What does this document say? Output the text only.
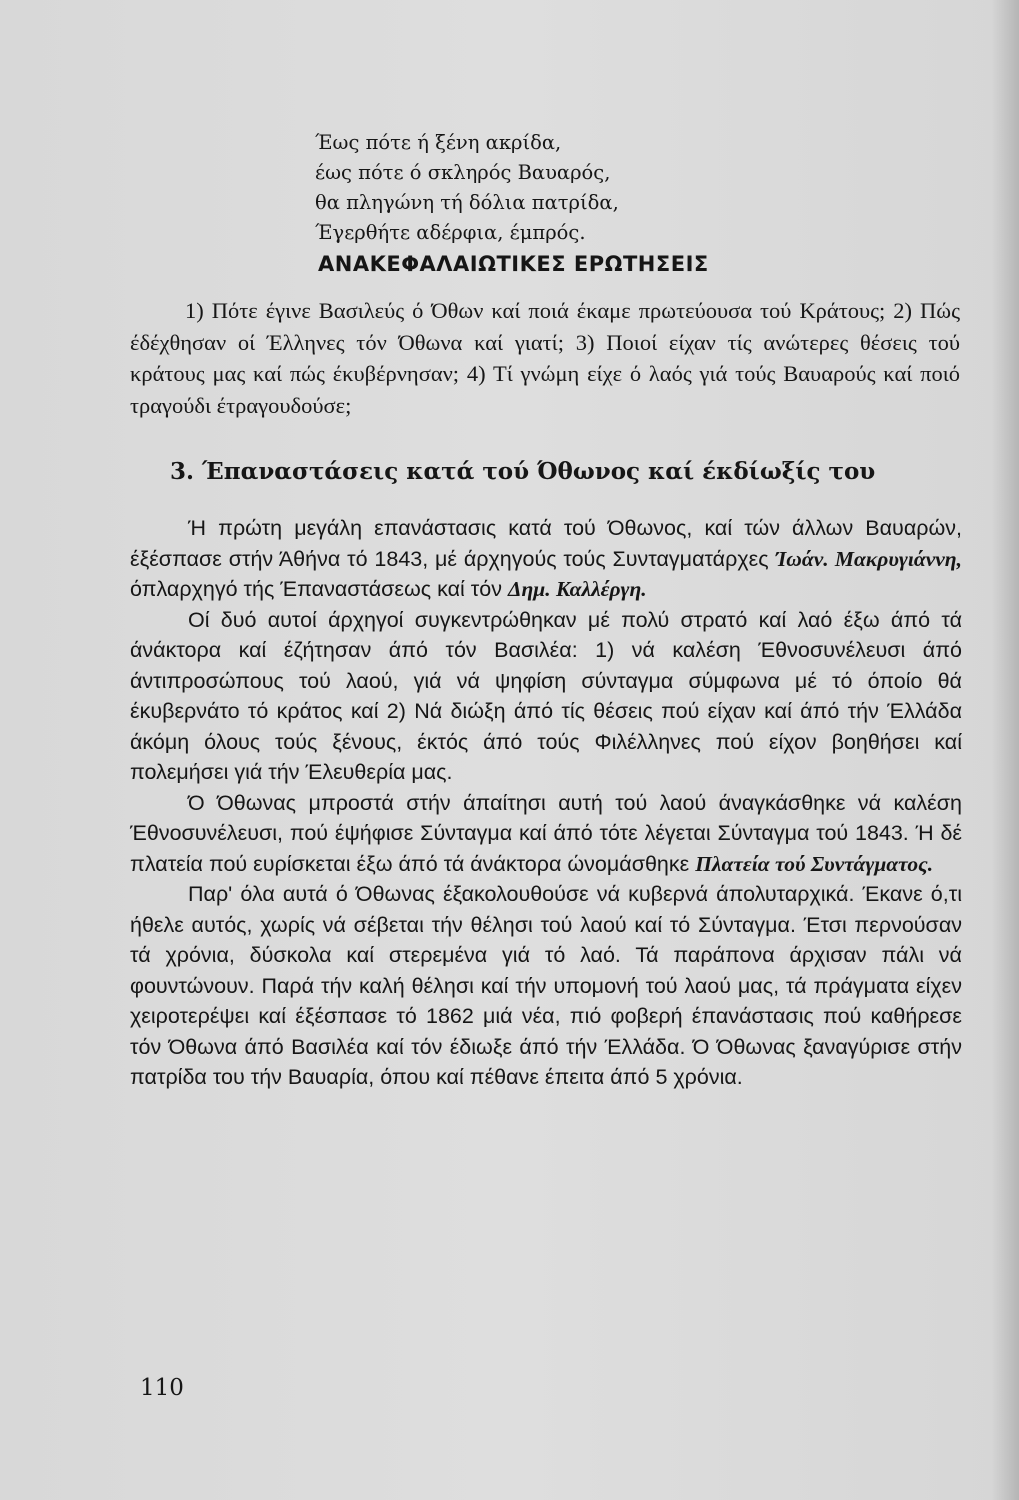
Έως πότε ή ξένη ακρίδα,
έως πότε ό σκληρός Βαυαρός,
θα πληγώνη τή δόλια πατρίδα,
Έγερθήτε αδέρφια, έμπρός.
ΑΝΑΚΕΦΑΛΑΙΩΤΙΚΕΣ ΕΡΩΤΗΣΕΙΣ
1) Πότε έγινε Βασιλεύς ό Όθων καί ποιά έκαμε πρωτεύουσα τού Κράτους; 2) Πώς έδέχθησαν οί Έλληνες τόν Όθωνα καί γιατί; 3) Ποιοί είχαν τίς ανώτερες θέσεις τού κράτους μας καί πώς έκυβέρνησαν; 4) Τί γνώμη είχε ό λαός γιά τούς Βαυαρούς καί ποιό τραγούδι έτραγουδούσε;
3. Έπαναστάσεις κατά τού Όθωνος καί έκδίωξίς του

Ή πρώτη μεγάλη επανάστασις κατά τού Όθωνος, καί τών άλλων Βαυαρών, έξέσπασε στήν Άθήνα τό 1843, μέ άρχηγούς τούς Συνταγματάρχες Ίωάν. Μακρυγιάννη, όπλαρχηγό τής Έπαναστάσεως καί τόν Δημ. Καλλέργη.

Οί δυό αυτοί άρχηγοί συγκεντρώθηκαν μέ πολύ στρατό καί λαό έξω άπό τά άνάκτορα καί έζήτησαν άπό τόν Βασιλέα: 1) νά καλέση Έθνοσυνέλευσι άπό άντιπροσώπους τού λαού, γιά νά ψηφίση σύνταγμα σύμφωνα μέ τό όποίο θά έκυβερνάτο τό κράτος καί 2) Νά διώξη άπό τίς θέσεις πού είχαν καί άπό τήν Έλλάδα άκόμη όλους τούς ξένους, έκτός άπό τούς Φιλέλληνες πού είχον βοηθήσει καί πολεμήσει γιά τήν Έλευθερία μας.

Ό Όθωνας μπροστά στήν άπαίτησι αυτή τού λαού άναγκάσθηκε νά καλέση Έθνοσυνέλευσι, πού έψήφισε Σύνταγμα καί άπό τότε λέγεται Σύνταγμα τού 1843. Ή δέ πλατεία πού ευρίσκεται έξω άπό τά άνάκτορα ώνομάσθηκε Πλατεία τού Συντάγματος.

Παρ' όλα αυτά ό Όθωνας έξακολουθούσε νά κυβερνά άπολυταρχικά. Έκανε ό,τι ήθελε αυτός, χωρίς νά σέβεται τήν θέλησι τού λαού καί τό Σύνταγμα. Έτσι περνούσαν τά χρόνια, δύσκολα καί στερεμένα γιά τό λαό. Τά παράπονα άρχισαν πάλι νά φουντώνουν. Παρά τήν καλή θέλησι καί τήν υπομονή τού λαού μας, τά πράγματα είχεν χειροτερέψει καί έξέσπασε τό 1862 μιά νέα, πιό φοβερή έπανάστασις πού καθήρεσε τόν Όθωνα άπό Βασιλέα καί τόν έδιωξε άπό τήν Έλλάδα. Ό Όθωνας ξαναγύρισε στήν πατρίδα του τήν Βαυαρία, όπου καί πέθανε έπειτα άπό 5 χρόνια.

110
